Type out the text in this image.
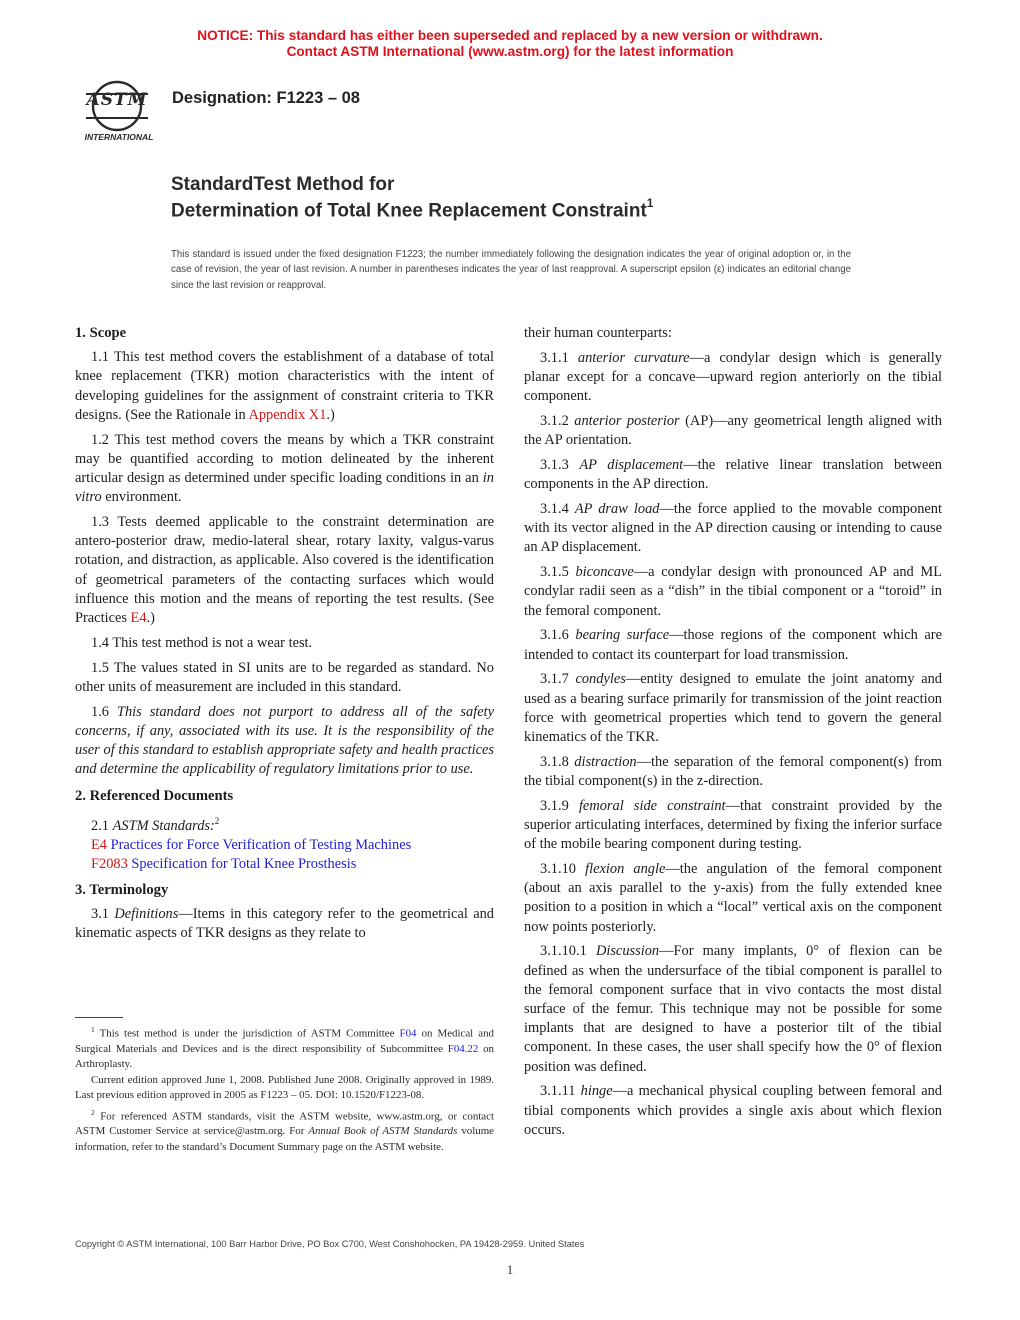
NOTICE: This standard has either been superseded and replaced by a new version or withdrawn.
Contact ASTM International (www.astm.org) for the latest information
ASTM
INTERNATIONAL
Designation: F1223 – 08
StandardTest Method for
Determination of Total Knee Replacement Constraint$^1$
This standard is issued under the fixed designation F1223; the number immediately following the designation indicates the year of original adoption or, in the case of revision, the year of last revision. A number in parentheses indicates the year of last reapproval. A superscript epsilon (ε) indicates an editorial change since the last revision or reapproval.
1. Scope

1.1 This test method covers the establishment of a database of total knee replacement (TKR) motion characteristics with the intent of developing guidelines for the assignment of constraint criteria to TKR designs. (See the Rationale in Appendix X1.)

1.2 This test method covers the means by which a TKR constraint may be quantified according to motion delineated by the inherent articular design as determined under specific loading conditions in an in vitro environment.

1.3 Tests deemed applicable to the constraint determination are antero-posterior draw, medio-lateral shear, rotary laxity, valgus-varus rotation, and distraction, as applicable. Also covered is the identification of geometrical parameters of the contacting surfaces which would influence this motion and the means of reporting the test results. (See Practices E4.)

1.4 This test method is not a wear test.

1.5 The values stated in SI units are to be regarded as standard. No other units of measurement are included in this standard.

1.6 This standard does not purport to address all of the safety concerns, if any, associated with its use. It is the responsibility of the user of this standard to establish appropriate safety and health practices and determine the applicability of regulatory limitations prior to use.

2. Referenced Documents

2.1 ASTM Standards:$^2$

E4 Practices for Force Verification of Testing Machines
F2083 Specification for Total Knee Prosthesis
3. Terminology

3.1 Definitions—Items in this category refer to the geometrical and kinematic aspects of TKR designs as they relate to

$^1$ This test method is under the jurisdiction of ASTM Committee F04 on Medical and Surgical Materials and Devices and is the direct responsibility of Subcommittee F04.22 on Arthroplasty.

Current edition approved June 1, 2008. Published June 2008. Originally approved in 1989. Last previous edition approved in 2005 as F1223 – 05. DOI: 10.1520/F1223-08.

$^2$ For referenced ASTM standards, visit the ASTM website, www.astm.org, or contact ASTM Customer Service at service@astm.org. For Annual Book of ASTM Standards volume information, refer to the standard’s Document Summary page on the ASTM website.

their human counterparts:

3.1.1 anterior curvature—a condylar design which is generally planar except for a concave—upward region anteriorly on the tibial component.

3.1.2 anterior posterior (AP)—any geometrical length aligned with the AP orientation.

3.1.3 AP displacement—the relative linear translation between components in the AP direction.

3.1.4 AP draw load—the force applied to the movable component with its vector aligned in the AP direction causing or intending to cause an AP displacement.

3.1.5 biconcave—a condylar design with pronounced AP and ML condylar radii seen as a “dish” in the tibial component or a “toroid” in the femoral component.

3.1.6 bearing surface—those regions of the component which are intended to contact its counterpart for load transmission.

3.1.7 condyles—entity designed to emulate the joint anatomy and used as a bearing surface primarily for transmission of the joint reaction force with geometrical properties which tend to govern the general kinematics of the TKR.

3.1.8 distraction—the separation of the femoral component(s) from the tibial component(s) in the z-direction.

3.1.9 femoral side constraint—that constraint provided by the superior articulating interfaces, determined by fixing the inferior surface of the mobile bearing component during testing.

3.1.10 flexion angle—the angulation of the femoral component (about an axis parallel to the y-axis) from the fully extended knee position to a position in which a “local” vertical axis on the component now points posteriorly.

3.1.10.1 Discussion—For many implants, 0° of flexion can be defined as when the undersurface of the tibial component is parallel to the femoral component surface that in vivo contacts the most distal surface of the femur. This technique may not be possible for some implants that are designed to have a posterior tilt of the tibial component. In these cases, the user shall specify how the 0° of flexion position was defined.

3.1.11 hinge—a mechanical physical coupling between femoral and tibial components which provides a single axis about which flexion occurs.

Copyright © ASTM International, 100 Barr Harbor Drive, PO Box C700, West Conshohocken, PA 19428-2959. United States
1
